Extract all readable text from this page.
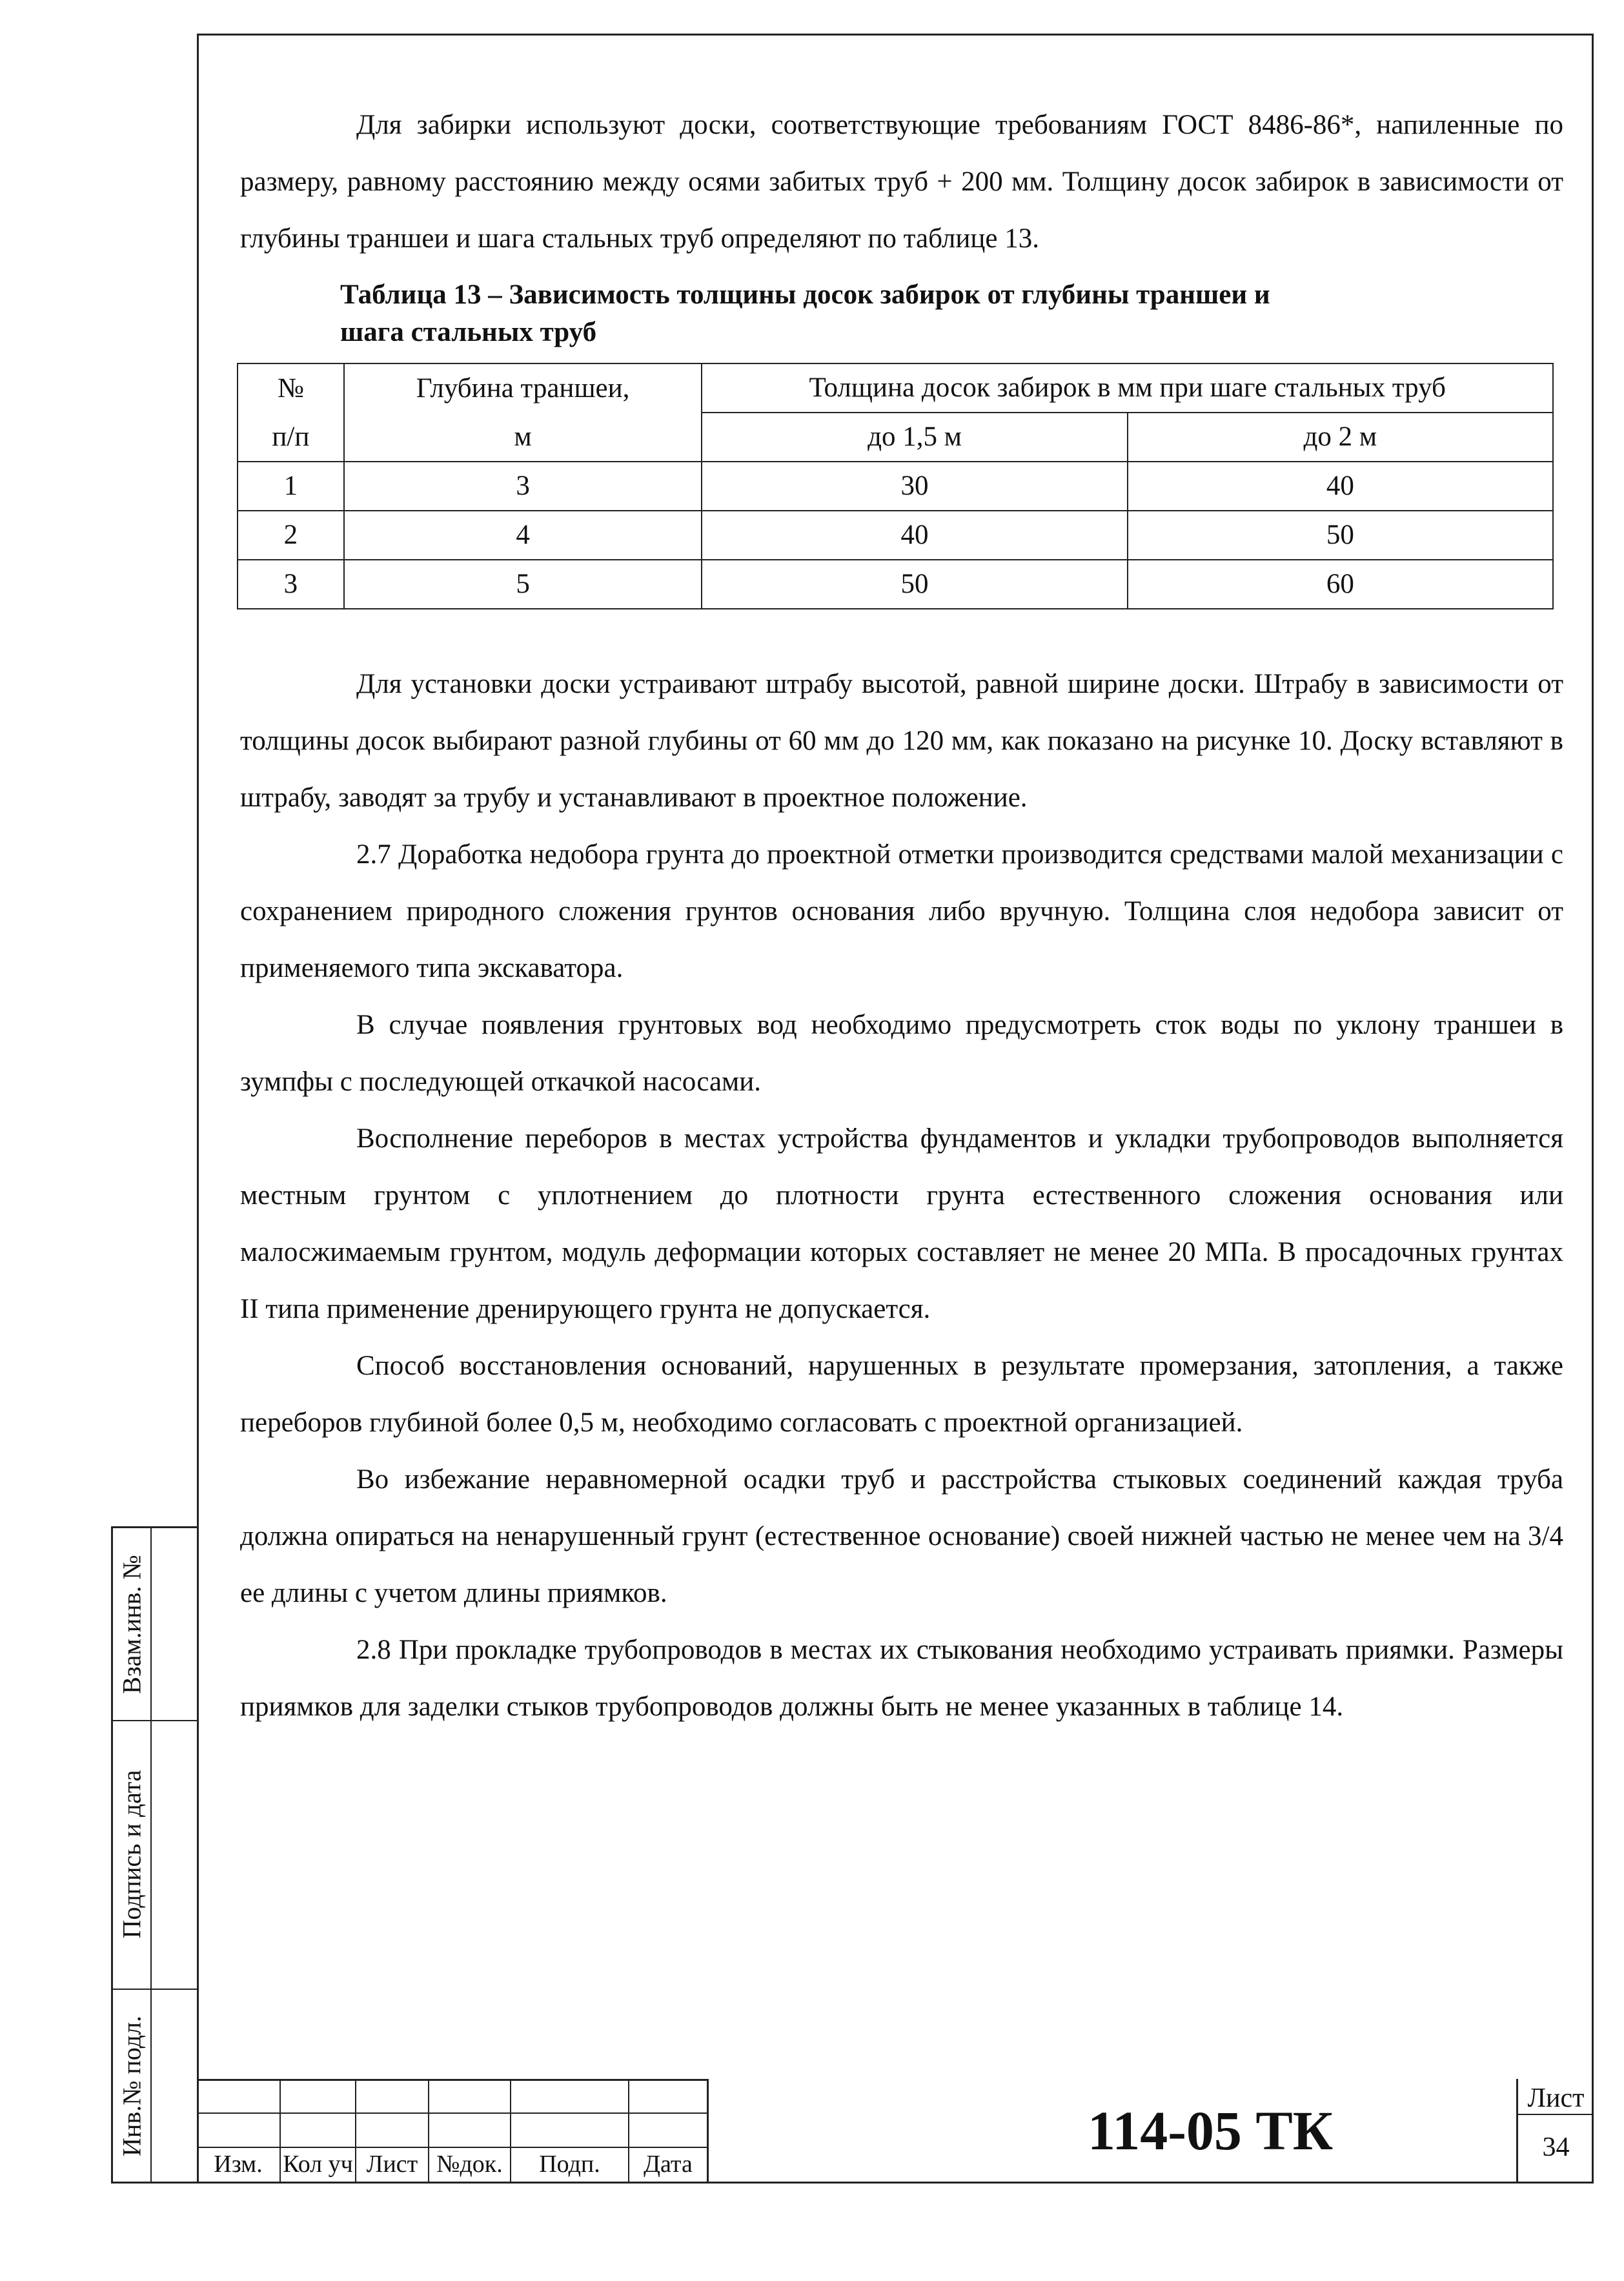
Взам.инв. №
Подпись и дата
Инв.№ подл.

Для забирки используют доски, соответствующие требованиям ГОСТ 8486-86*, напиленные по размеру, равному расстоянию между осями забитых труб + 200 мм. Толщину досок забирок в зависимости от глубины траншеи и шага стальных труб определяют по таблице 13.

Таблица 13 – Зависимость толщины досок забирок от глубины траншеи и
шага стальных труб

№	Глубина траншеи,	Толщина досок забирок в мм при шаге стальных труб	
п/п	м	до 1,5 м	до 2 м
1	3	30	40
2	4	40	50
3	5	50	60

Для установки доски устраивают штрабу высотой, равной ширине доски. Штрабу в зависимости от толщины досок выбирают разной глубины от 60 мм до 120 мм, как показано на рисунке 10. Доску вставляют в штрабу, заводят за трубу и устанавливают в проектное положение.

2.7 Доработка недобора грунта до проектной отметки производится средствами малой механизации с сохранением природного сложения грунтов основания либо вручную. Толщина слоя недобора зависит от применяемого типа экскаватора.

В случае появления грунтовых вод необходимо предусмотреть сток воды по уклону траншеи в зумпфы с последующей откачкой насосами.

Восполнение переборов в местах устройства фундаментов и укладки трубопроводов выполняется местным грунтом с уплотнением до плотности грунта естественного сложения основания или малосжимаемым грунтом, модуль деформации которых составляет не менее 20 МПа. В просадочных грунтах II типа применение дренирующего грунта не допускается.

Способ восстановления оснований, нарушенных в результате промерзания, затопления, а также переборов глубиной более 0,5 м, необходимо согласовать с проектной организацией.

Во избежание неравномерной осадки труб и расстройства стыковых соединений каждая труба должна опираться на ненарушенный грунт (естественное основание) своей нижней частью не менее чем на 3/4 ее длины с учетом длины приямков.

2.8 При прокладке трубопроводов в местах их стыкования необходимо устраивать приямки. Размеры приямков для заделки стыков трубопроводов должны быть не менее указанных в таблице 14.

Изм. Кол уч Лист №док.	Подп.	Дата
114-05 ТК
Лист
34
